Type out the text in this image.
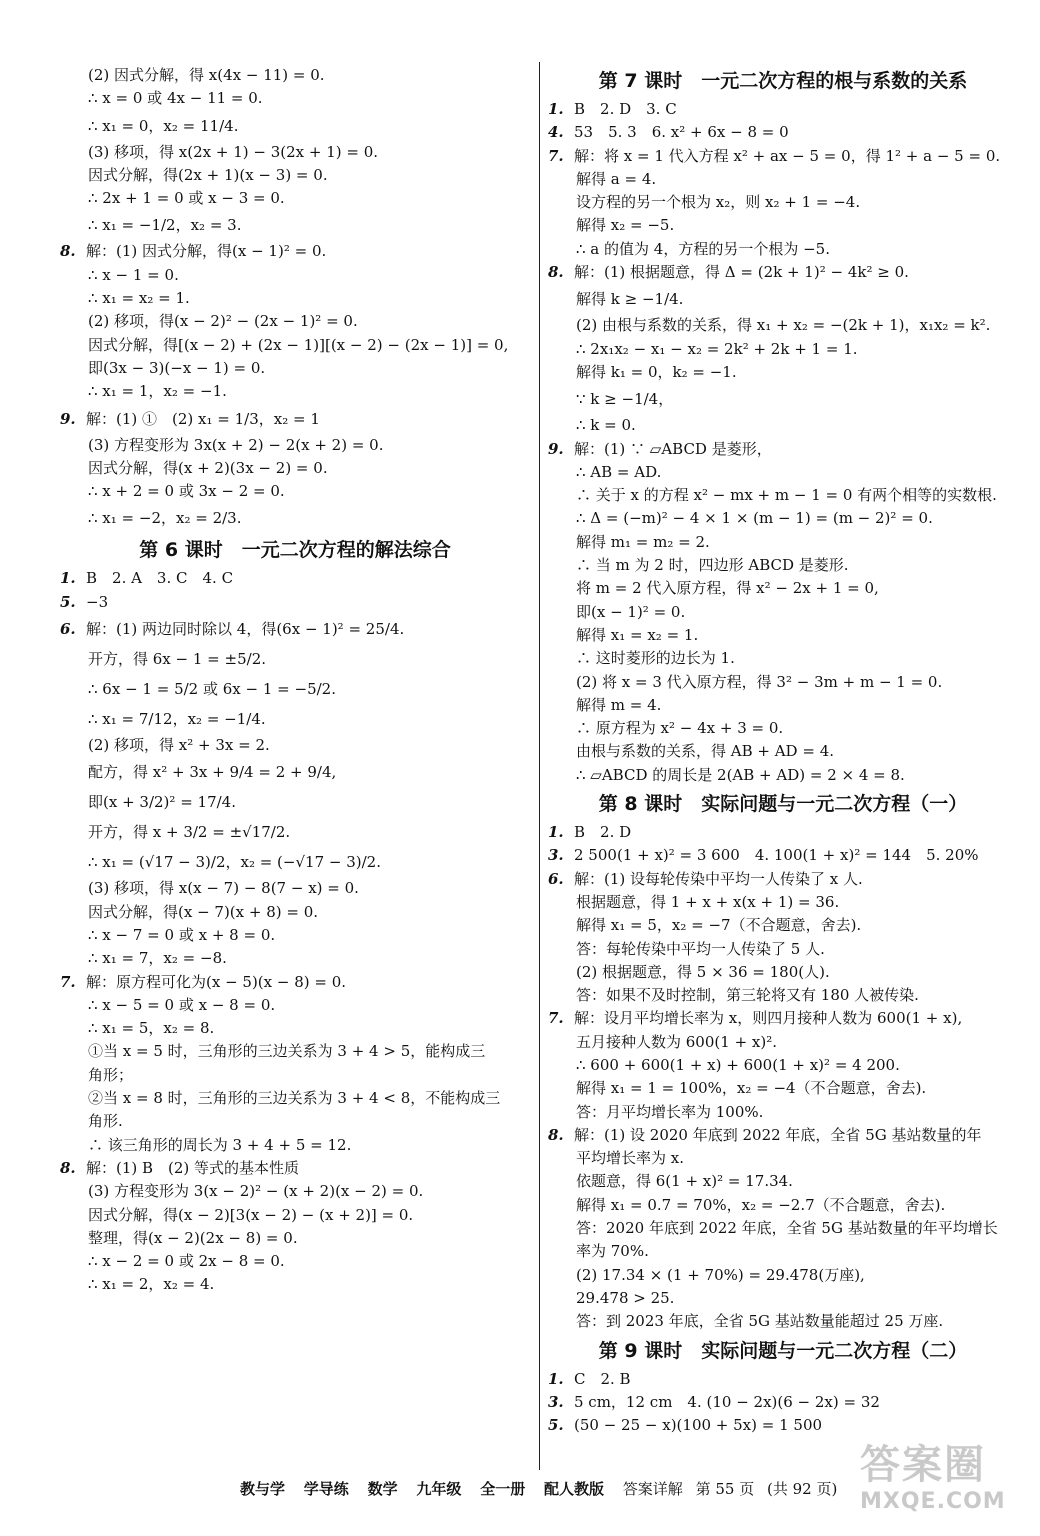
(2) 因式分解，得 x(4x − 11) = 0.
∴ x = 0 或 4x − 11 = 0.
∴ x₁ = 0，x₂ = 11/4.
(3) 移项，得 x(2x + 1) − 3(2x + 1) = 0.
因式分解，得(2x + 1)(x − 3) = 0.
∴ 2x + 1 = 0 或 x − 3 = 0.
∴ x₁ = −1/2，x₂ = 3.
8. 解：(1) 因式分解，得(x − 1)² = 0.
∴ x − 1 = 0.
∴ x₁ = x₂ = 1.
(2) 移项，得(x − 2)² − (2x − 1)² = 0.
因式分解，得[(x − 2) + (2x − 1)][(x − 2) − (2x − 1)] = 0,
即(3x − 3)(−x − 1) = 0.
∴ x₁ = 1，x₂ = −1.
9. 解：(1) ①　(2) x₁ = 1/3，x₂ = 1
(3) 方程变形为 3x(x + 2) − 2(x + 2) = 0.
因式分解，得(x + 2)(3x − 2) = 0.
∴ x + 2 = 0 或 3x − 2 = 0.
∴ x₁ = −2，x₂ = 2/3.
第 6 课时　一元二次方程的解法综合
1. B　2. A　3. C　4. C
5. −3
6. 解：(1) 两边同时除以 4，得(6x − 1)² = 25/4.
开方，得 6x − 1 = ±5/2.
∴ 6x − 1 = 5/2 或 6x − 1 = −5/2.
∴ x₁ = 7/12，x₂ = −1/4.
(2) 移项，得 x² + 3x = 2.
配方，得 x² + 3x + 9/4 = 2 + 9/4,
即(x + 3/2)² = 17/4.
开方，得 x + 3/2 = ±√17/2.
∴ x₁ = (√17 − 3)/2，x₂ = (−√17 − 3)/2.
(3) 移项，得 x(x − 7) − 8(7 − x) = 0.
因式分解，得(x − 7)(x + 8) = 0.
∴ x − 7 = 0 或 x + 8 = 0.
∴ x₁ = 7，x₂ = −8.
7. 解：原方程可化为(x − 5)(x − 8) = 0.
∴ x − 5 = 0 或 x − 8 = 0.
∴ x₁ = 5，x₂ = 8.
①当 x = 5 时，三角形的三边关系为 3 + 4 > 5，能构成三
角形；
②当 x = 8 时，三角形的三边关系为 3 + 4 < 8，不能构成三
角形.
∴ 该三角形的周长为 3 + 4 + 5 = 12.
8. 解：(1) B　(2) 等式的基本性质
(3) 方程变形为 3(x − 2)² − (x + 2)(x − 2) = 0.
因式分解，得(x − 2)[3(x − 2) − (x + 2)] = 0.
整理，得(x − 2)(2x − 8) = 0.
∴ x − 2 = 0 或 2x − 8 = 0.
∴ x₁ = 2，x₂ = 4.
第 7 课时　一元二次方程的根与系数的关系
1. B　2. D　3. C
4. 53　5. 3　6. x² + 6x − 8 = 0
7. 解：将 x = 1 代入方程 x² + ax − 5 = 0，得 1² + a − 5 = 0.
解得 a = 4.
设方程的另一个根为 x₂，则 x₂ + 1 = −4.
解得 x₂ = −5.
∴ a 的值为 4，方程的另一个根为 −5.
8. 解：(1) 根据题意，得 Δ = (2k + 1)² − 4k² ≥ 0.
解得 k ≥ −1/4.
(2) 由根与系数的关系，得 x₁ + x₂ = −(2k + 1)，x₁x₂ = k².
∴ 2x₁x₂ − x₁ − x₂ = 2k² + 2k + 1 = 1.
解得 k₁ = 0，k₂ = −1.
∵ k ≥ −1/4，
∴ k = 0.
9. 解：(1) ∵ ▱ABCD 是菱形，
∴ AB = AD.
∴ 关于 x 的方程 x² − mx + m − 1 = 0 有两个相等的实数根.
∴ Δ = (−m)² − 4 × 1 × (m − 1) = (m − 2)² = 0.
解得 m₁ = m₂ = 2.
∴ 当 m 为 2 时，四边形 ABCD 是菱形.
将 m = 2 代入原方程，得 x² − 2x + 1 = 0,
即(x − 1)² = 0.
解得 x₁ = x₂ = 1.
∴ 这时菱形的边长为 1.
(2) 将 x = 3 代入原方程，得 3² − 3m + m − 1 = 0.
解得 m = 4.
∴ 原方程为 x² − 4x + 3 = 0.
由根与系数的关系，得 AB + AD = 4.
∴ ▱ABCD 的周长是 2(AB + AD) = 2 × 4 = 8.
第 8 课时　实际问题与一元二次方程（一）
1. B　2. D
3. 2 500(1 + x)² = 3 600　4. 100(1 + x)² = 144　5. 20%
6. 解：(1) 设每轮传染中平均一人传染了 x 人.
根据题意，得 1 + x + x(x + 1) = 36.
解得 x₁ = 5，x₂ = −7（不合题意，舍去).
答：每轮传染中平均一人传染了 5 人.
(2) 根据题意，得 5 × 36 = 180(人).
答：如果不及时控制，第三轮将又有 180 人被传染.
7. 解：设月平均增长率为 x，则四月接种人数为 600(1 + x),
五月接种人数为 600(1 + x)².
∴ 600 + 600(1 + x) + 600(1 + x)² = 4 200.
解得 x₁ = 1 = 100%，x₂ = −4（不合题意，舍去).
答：月平均增长率为 100%.
8. 解：(1) 设 2020 年底到 2022 年底，全省 5G 基站数量的年
平均增长率为 x.
依题意，得 6(1 + x)² = 17.34.
解得 x₁ = 0.7 = 70%，x₂ = −2.7（不合题意，舍去).
答：2020 年底到 2022 年底，全省 5G 基站数量的年平均增长
率为 70%.
(2) 17.34 × (1 + 70%) = 29.478(万座),
29.478 > 25.
答：到 2023 年底，全省 5G 基站数量能超过 25 万座.
第 9 课时　实际问题与一元二次方程（二）
1. C　2. B
3. 5 cm，12 cm　4. (10 − 2x)(6 − 2x) = 32
5. (50 − 25 − x)(100 + 5x) = 1 500
教与学 学导练 数学 九年级 全一册 配人教版 答案详解 第 55 页 (共 92 页)
答案圈
MXQE.COM
